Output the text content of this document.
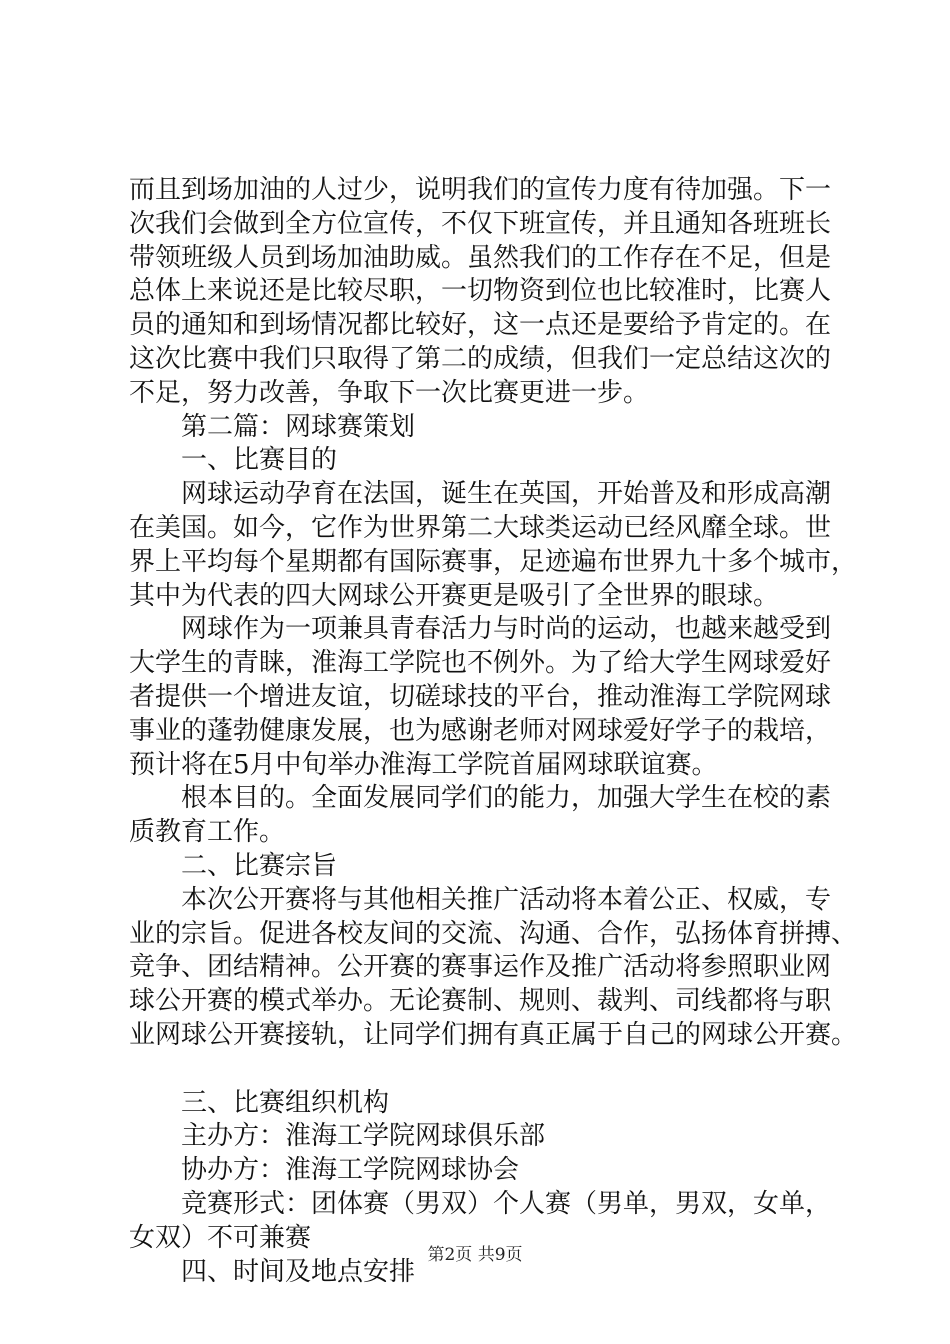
而且到场加油的人过少，说明我们的宣传力度有待加强。下一
次我们会做到全方位宣传，不仅下班宣传，并且通知各班班长
带领班级人员到场加油助威。虽然我们的工作存在不足，但是
总体上来说还是比较尽职，一切物资到位也比较准时，比赛人
员的通知和到场情况都比较好，这一点还是要给予肯定的。在
这次比赛中我们只取得了第二的成绩，但我们一定总结这次的
不足，努力改善，争取下一次比赛更进一步。
第二篇：网球赛策划
一、比赛目的
网球运动孕育在法国，诞生在英国，开始普及和形成高潮
在美国。如今，它作为世界第二大球类运动已经风靡全球。世
界上平均每个星期都有国际赛事，足迹遍布世界九十多个城市，
其中为代表的四大网球公开赛更是吸引了全世界的眼球。
网球作为一项兼具青春活力与时尚的运动，也越来越受到
大学生的青睐，淮海工学院也不例外。为了给大学生网球爱好
者提供一个增进友谊，切磋球技的平台，推动淮海工学院网球
事业的蓬勃健康发展，也为感谢老师对网球爱好学子的栽培，
预计将在5月中旬举办淮海工学院首届网球联谊赛。
根本目的。全面发展同学们的能力，加强大学生在校的素
质教育工作。
二、比赛宗旨
本次公开赛将与其他相关推广活动将本着公正、权威，专
业的宗旨。促进各校友间的交流、沟通、合作，弘扬体育拼搏、
竞争、团结精神。公开赛的赛事运作及推广活动将参照职业网
球公开赛的模式举办。无论赛制、规则、裁判、司线都将与职
业网球公开赛接轨，让同学们拥有真正属于自己的网球公开赛。
三、比赛组织机构
主办方：淮海工学院网球俱乐部
协办方：淮海工学院网球协会
竞赛形式：团体赛（男双）个人赛（男单，男双，女单，
女双）不可兼赛
四、时间及地点安排
第2页 共9页
